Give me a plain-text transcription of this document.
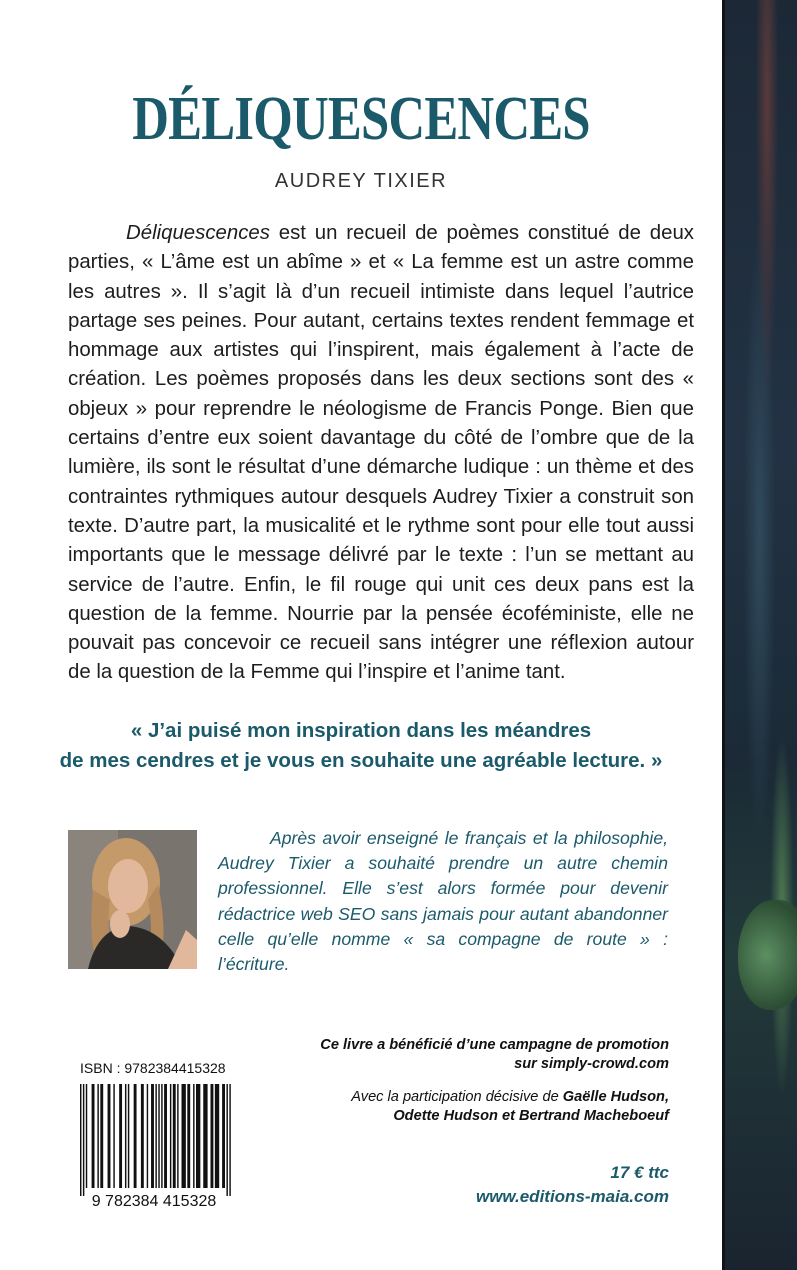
DÉLIQUESCENCES
AUDREY TIXIER

Déliquescences est un recueil de poèmes constitué de deux parties, « L’âme est un abîme » et « La femme est un astre comme les autres ». Il s’agit là d’un recueil intimiste dans lequel l’autrice partage ses peines. Pour autant, certains textes rendent femmage et hommage aux artistes qui l’inspirent, mais également à l’acte de création. Les poèmes proposés dans les deux sections sont des « objeux » pour reprendre le néologisme de Francis Ponge. Bien que certains d’entre eux soient davantage du côté de l’ombre que de la lumière, ils sont le résultat d’une démarche ludique : un thème et des contraintes rythmiques autour desquels Audrey Tixier a construit son texte. D’autre part, la musicalité et le rythme sont pour elle tout aussi importants que le message délivré par le texte : l’un se mettant au service de l’autre. Enfin, le fil rouge qui unit ces deux pans est la question de la femme. Nourrie par la pensée écoféministe, elle ne pouvait pas concevoir ce recueil sans intégrer une réflexion autour de la question de la Femme qui l’inspire et l’anime tant.

« J’ai puisé mon inspiration dans les méandres
de mes cendres et je vous en souhaite une agréable lecture. »

Après avoir enseigné le français et la philosophie, Audrey Tixier a souhaité prendre un autre chemin professionnel. Elle s’est alors formée pour devenir rédactrice web SEO sans jamais pour autant abandonner celle qu’elle nomme « sa compagne de route » : l’écriture.

ISBN : 9782384415328
9 782384 415328
Ce livre a bénéficié d’une campagne de promotion
sur simply-crowd.com
Avec la participation décisive de Gaëlle Hudson,
Odette Hudson et Bertrand Macheboeuf
17 € ttc
www.editions-maia.com
